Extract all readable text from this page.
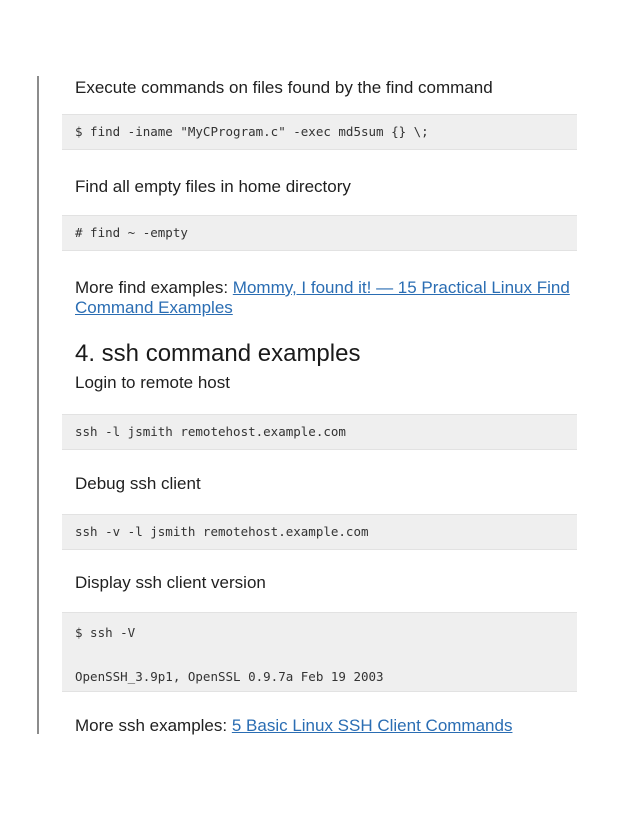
Execute commands on files found by the find command

$ find -iname "MyCProgram.c" -exec md5sum {} \;

Find all empty files in home directory

# find ~ -empty

More find examples: Mommy, I found it! — 15 Practical Linux Find Command Examples

4. ssh command examples

Login to remote host

ssh -l jsmith remotehost.example.com

Debug ssh client

ssh -v -l jsmith remotehost.example.com

Display ssh client version

$ ssh -V
OpenSSH_3.9p1, OpenSSL 0.9.7a Feb 19 2003

More ssh examples: 5 Basic Linux SSH Client Commands
